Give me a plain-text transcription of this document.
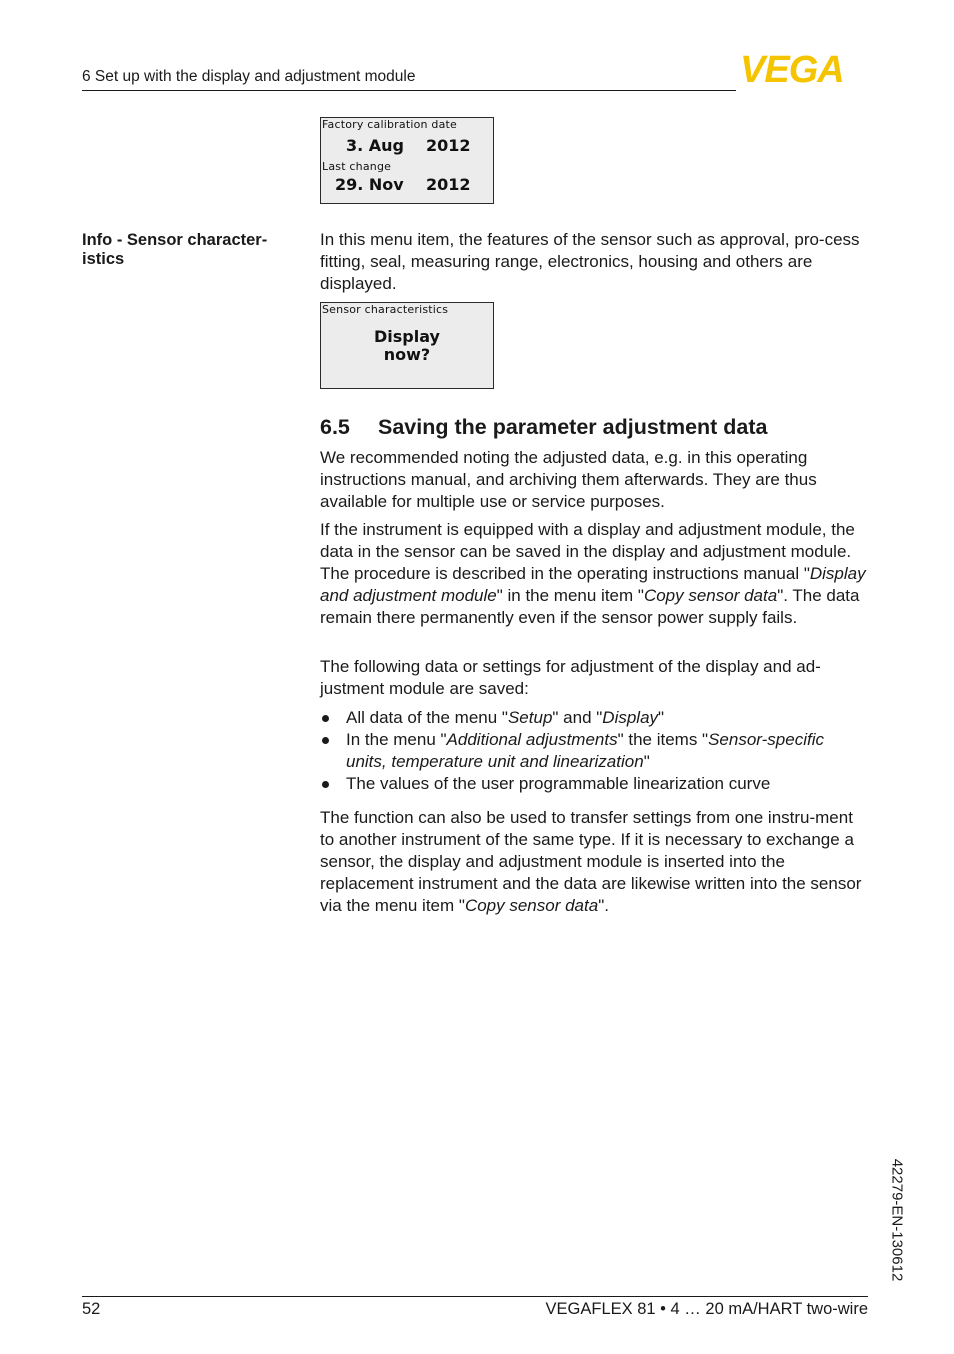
6 Set up with the display and adjustment module	VEGA
Factory calibration date
3. Aug 2012
Last change
29. Nov 2012
Info - Sensor character-istics

In this menu item, the features of the sensor such as approval, pro-cess fitting, seal, measuring range, electronics, housing and others are displayed.

Sensor characteristics
Display
now?
6.5 Saving the parameter adjustment data

We recommended noting the adjusted data, e.g. in this operating instructions manual, and archiving them afterwards. They are thus available for multiple use or service purposes.

If the instrument is equipped with a display and adjustment module, the data in the sensor can be saved in the display and adjustment module. The procedure is described in the operating instructions manual "Display and adjustment module" in the menu item "Copy sensor data". The data remain there permanently even if the sensor power supply fails.

The following data or settings for adjustment of the display and ad-justment module are saved:

All data of the menu "Setup" and "Display"
In the menu "Additional adjustments" the items "Sensor-specific units, temperature unit and linearization"
The values of the user programmable linearization curve

The function can also be used to transfer settings from one instru-ment to another instrument of the same type. If it is necessary to exchange a sensor, the display and adjustment module is inserted into the replacement instrument and the data are likewise written into the sensor via the menu item "Copy sensor data".

42279-EN-130612
52	VEGAFLEX 81 • 4 … 20 mA/HART two-wire
